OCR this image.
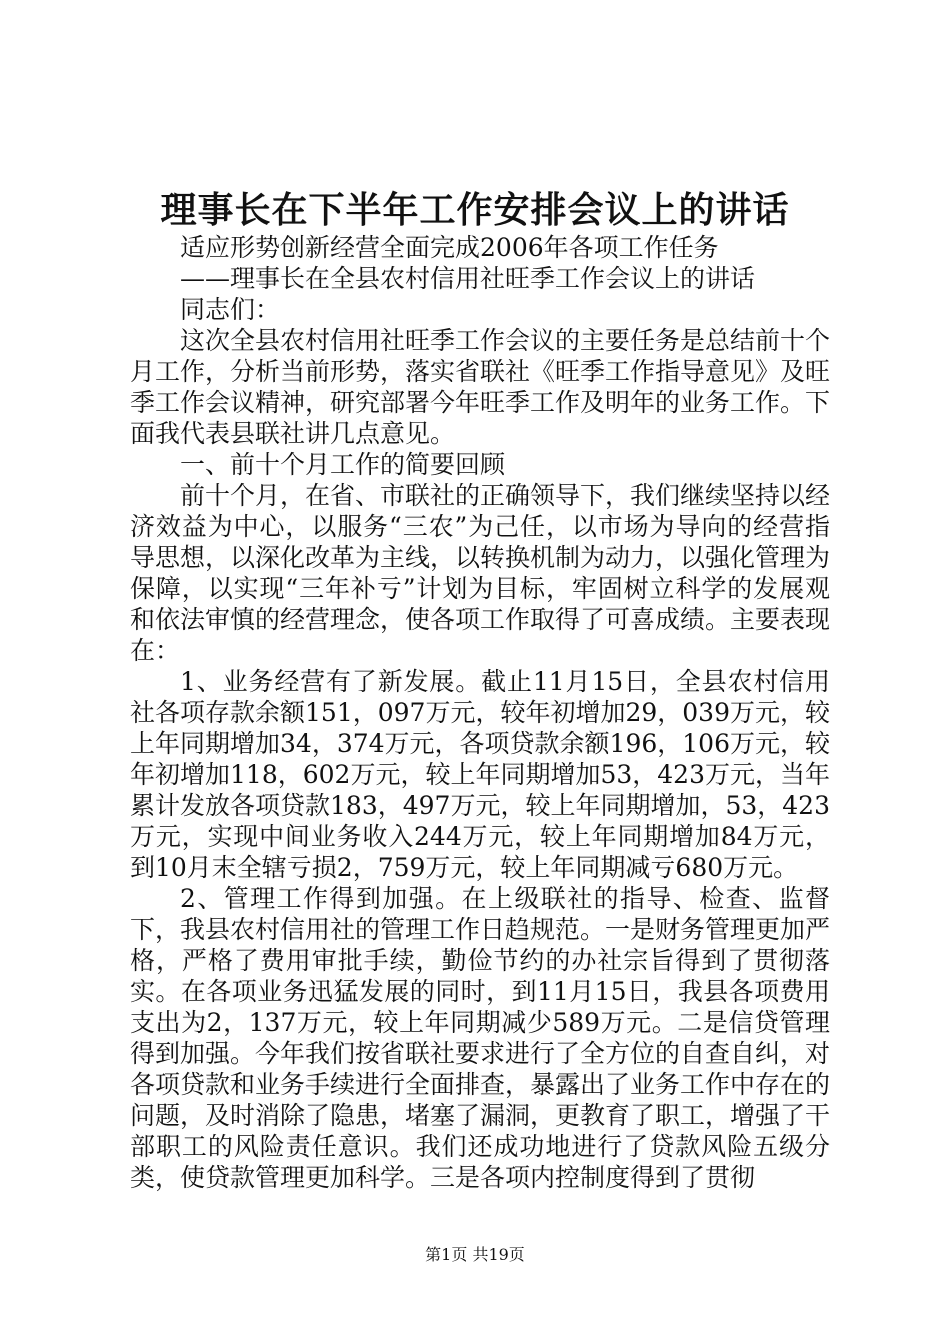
理事长在下半年工作安排会议上的讲话

适应形势创新经营全面完成2006年各项工作任务

——理事长在全县农村信用社旺季工作会议上的讲话

同志们：

这次全县农村信用社旺季工作会议的主要任务是总结前十个月工作，分析当前形势，落实省联社《旺季工作指导意见》及旺季工作会议精神，研究部署今年旺季工作及明年的业务工作。下面我代表县联社讲几点意见。

一、前十个月工作的简要回顾

前十个月，在省、市联社的正确领导下，我们继续坚持以经济效益为中心，以服务“三农”为己任，以市场为导向的经营指导思想，以深化改革为主线，以转换机制为动力，以强化管理为保障，以实现“三年补亏”计划为目标，牢固树立科学的发展观和依法审慎的经营理念，使各项工作取得了可喜成绩。主要表现在：

1、业务经营有了新发展。截止11月15日，全县农村信用社各项存款余额151，097万元，较年初增加29，039万元，较上年同期增加34，374万元，各项贷款余额196，106万元，较年初增加118，602万元，较上年同期增加53，423万元，当年累计发放各项贷款183，497万元，较上年同期增加，53，423万元，实现中间业务收入244万元，较上年同期增加84万元，到10月末全辖亏损2，759万元，较上年同期减亏680万元。

2、管理工作得到加强。在上级联社的指导、检查、监督下，我县农村信用社的管理工作日趋规范。一是财务管理更加严格，严格了费用审批手续，勤俭节约的办社宗旨得到了贯彻落实。在各项业务迅猛发展的同时，到11月15日，我县各项费用支出为2，137万元，较上年同期减少589万元。二是信贷管理得到加强。今年我们按省联社要求进行了全方位的自查自纠，对各项贷款和业务手续进行全面排查，暴露出了业务工作中存在的问题，及时消除了隐患，堵塞了漏洞，更教育了职工，增强了干部职工的风险责任意识。我们还成功地进行了贷款风险五级分类，使贷款管理更加科学。三是各项内控制度得到了贯彻

第1页 共19页
